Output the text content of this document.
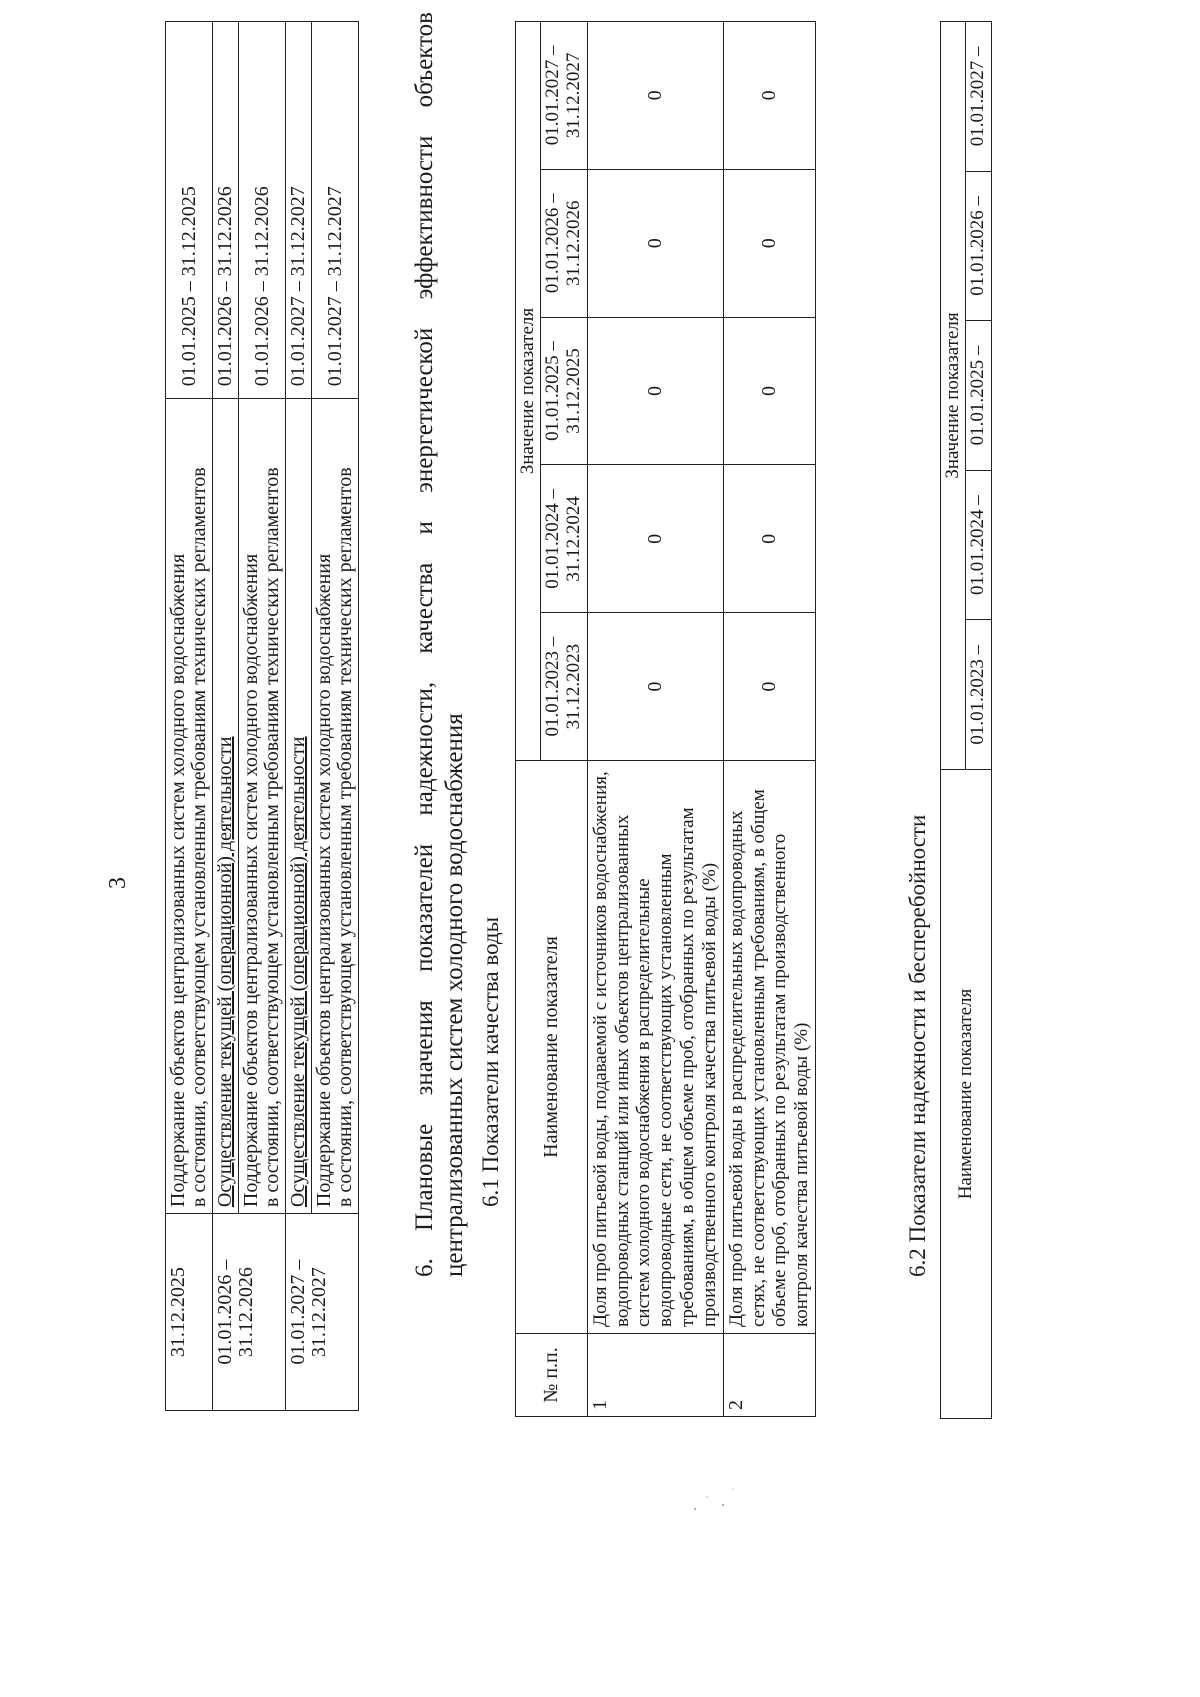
3
31.12.2025	Поддержание объектов централизованных систем холодного водоснабжения в состоянии, соответствующем установленным требованиям технических регламентов	01.01.2025 – 31.12.2025
01.01.2026 – 31.12.2026	Осуществление текущей (операционной) деятельности	01.01.2026 – 31.12.2026

	Поддержание объектов централизованных систем холодного водоснабжения в состоянии, соответствующем установленным требованиям технических регламентов	01.01.2026 – 31.12.2026
01.01.2027 – 31.12.2027	Осуществление текущей (операционной) деятельности	01.01.2027 – 31.12.2027

	Поддержание объектов централизованных систем холодного водоснабжения в состоянии, соответствующем установленным требованиям технических регламентов	01.01.2027 – 31.12.2027
6.Плановые значения показателей надежности, качества и энергетической эффективности объектов централизованных систем холодного водоснабжения 6.1 Показатели качества воды
№ п.п.	Наименование показателя	Значение показателя				
		01.01.2023 – 31.12.2023	01.01.2024 – 31.12.2024	01.01.2025 – 31.12.2025	01.01.2026 – 31.12.2026	01.01.2027 – 31.12.2027
1	Доля проб питьевой воды, подаваемой с источников водоснабжения, водопроводных станций или иных объектов централизованных систем холодного водоснабжения в распределительные водопроводные сети, не соответствующих установленным требованиям, в общем объеме проб, отобранных по результатам производственного контроля качества питьевой воды (%)	0	0	0	0	0
2	Доля проб питьевой воды в распределительных водопроводных сетях, не соответствующих установленным требованиям, в общем объеме проб, отобранных по результатам производственного контроля качества питьевой воды (%)	0	0	0	0	0
6.2 Показатели надежности и бесперебойности Наименование показателя	Значение показателя				
	01.01.2023 –	01.01.2024 –	01.01.2025 –	01.01.2026 –	01.01.2027 –
